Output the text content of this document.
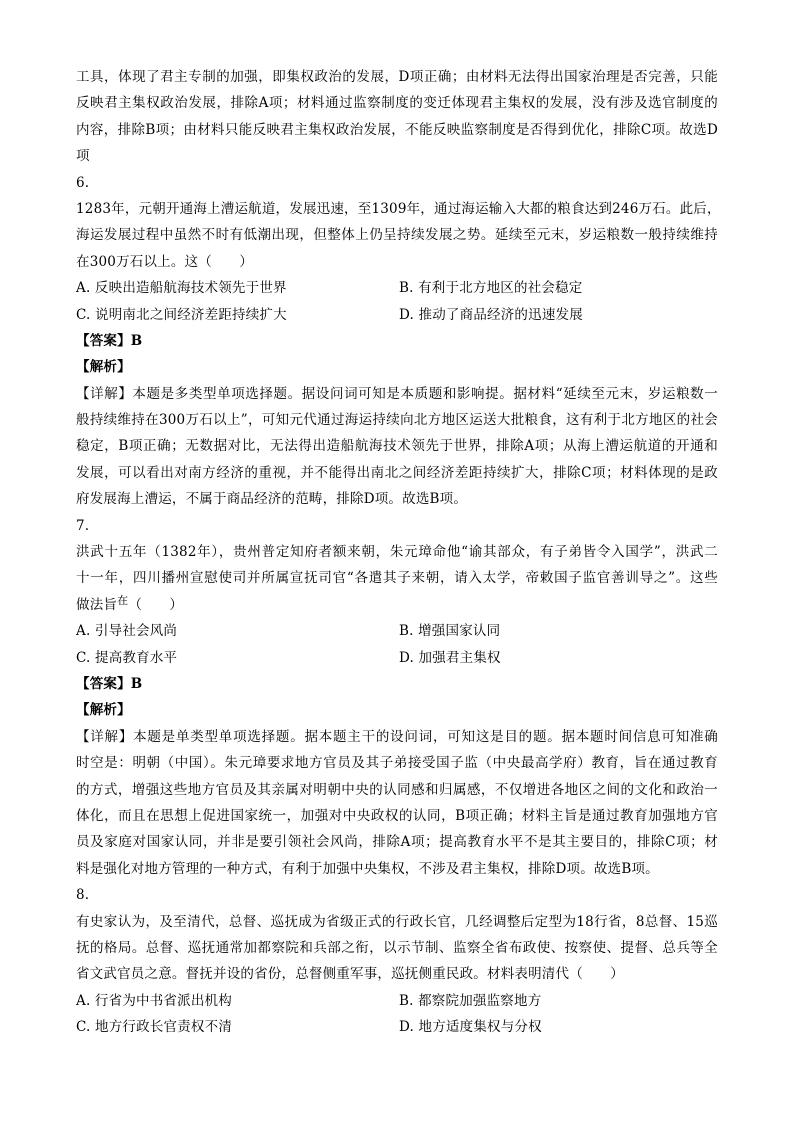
工具，体现了君主专制的加强，即集权政治的发展，D项正确；由材料无法得出国家治理是否完善，只能
反映君主集权政治发展，排除A项；材料通过监察制度的变迁体现君主集权的发展，没有涉及选官制度的
内容，排除B项；由材料只能反映君主集权政治发展，不能反映监察制度是否得到优化，排除C项。故选D
项
6.
1283年，元朝开通海上漕运航道，发展迅速，至1309年，通过海运输入大都的粮食达到246万石。此后，
海运发展过程中虽然不时有低潮出现，但整体上仍呈持续发展之势。延续至元末，岁运粮数一般持续维持
在300万石以上。这（　　）
A. 反映出造船航海技术领先于世界	B. 有利于北方地区的社会稳定
C. 说明南北之间经济差距持续扩大	D. 推动了商品经济的迅速发展
【答案】B
【解析】
【详解】本题是多类型单项选择题。据设问词可知是本质题和影响提。据材料“延续至元末，岁运粮数一
般持续维持在300万石以上”，可知元代通过海运持续向北方地区运送大批粮食，这有利于北方地区的社会
稳定，B项正确；无数据对比，无法得出造船航海技术领先于世界，排除A项；从海上漕运航道的开通和
发展，可以看出对南方经济的重视，并不能得出南北之间经济差距持续扩大，排除C项；材料体现的是政
府发展海上漕运，不属于商品经济的范畴，排除D项。故选B项。
7.
洪武十五年（1382年），贵州普定知府者额来朝，朱元璋命他“谕其部众，有子弟皆令入国学”，洪武二
十一年，四川播州宣慰使司并所属宣抚司官“各遣其子来朝，请入太学，帝敕国子监官善训导之”。这些
做法旨$^在$（　　）
A. 引导社会风尚	B. 增强国家认同
C. 提高教育水平	D. 加强君主集权
【答案】B
【解析】
【详解】本题是单类型单项选择题。据本题主干的设问词，可知这是目的题。据本题时间信息可知准确
时空是：明朝（中国）。朱元璋要求地方官员及其子弟接受国子监（中央最高学府）教育，旨在通过教育
的方式，增强这些地方官员及其亲属对明朝中央的认同感和归属感，不仅增进各地区之间的文化和政治一
体化，而且在思想上促进国家统一，加强对中央政权的认同，B项正确；材料主旨是通过教育加强地方官
员及家庭对国家认同，并非是要引领社会风尚，排除A项；提高教育水平不是其主要目的，排除C项；材
料是强化对地方管理的一种方式，有利于加强中央集权，不涉及君主集权，排除D项。故选B项。
8.
有史家认为，及至清代，总督、巡抚成为省级正式的行政长官，几经调整后定型为18行省，8总督、15巡
抚的格局。总督、巡抚通常加都察院和兵部之衔，以示节制、监察全省布政使、按察使、提督、总兵等全
省文武官员之意。督抚并设的省份，总督侧重军事，巡抚侧重民政。材料表明清代（　　）
A. 行省为中书省派出机构	B. 都察院加强监察地方
C. 地方行政长官责权不清	D. 地方适度集权与分权
